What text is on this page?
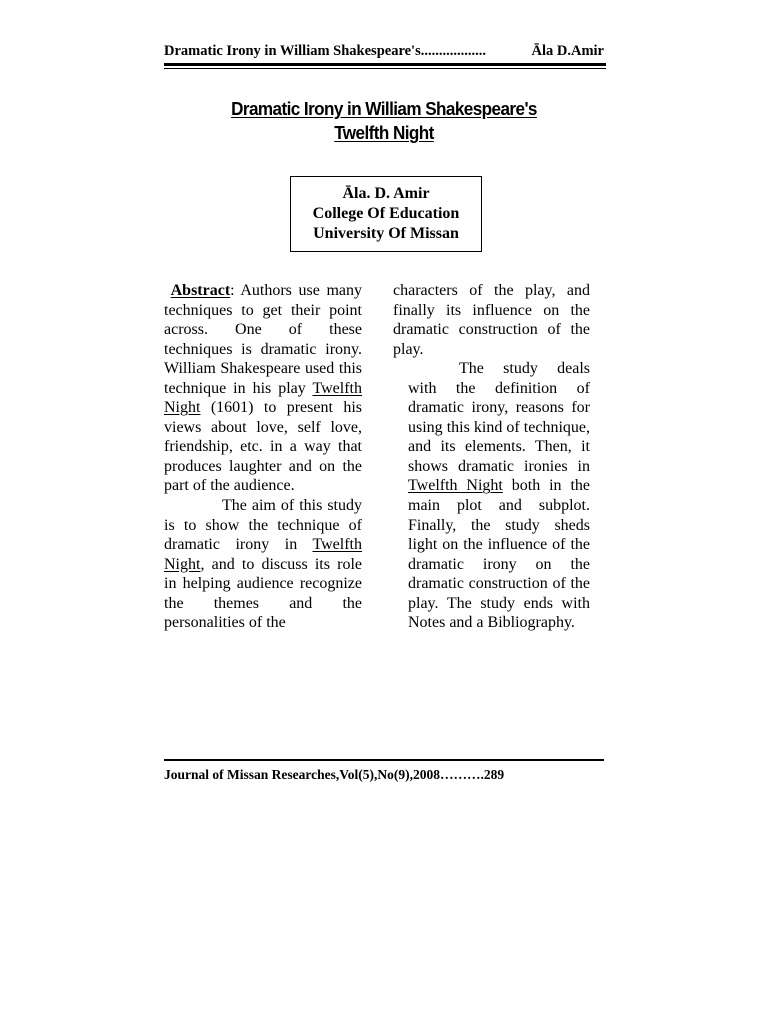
Dramatic Irony in William Shakespeare's..................	Āla D.Amir
Dramatic Irony in William Shakespeare's
Twelfth Night
Āla. D. Amir
College Of Education
University Of Missan

Abstract: Authors use many techniques to get their point across. One of these techniques is dramatic irony. William Shakespeare used this technique in his play Twelfth Night (1601) to present his views about love, self love, friendship, etc. in a way that produces laughter and on the part of the audience.

The aim of this study is to show the technique of dramatic irony in Twelfth Night, and to discuss its role in helping audience recognize the themes and the personalities of the

characters of the play, and finally its influence on the dramatic construction of the play.

The study deals with the definition of dramatic irony, reasons for using this kind of technique, and its elements. Then, it shows dramatic ironies in Twelfth Night both in the main plot and subplot. Finally, the study sheds light on the influence of the dramatic irony on the dramatic construction of the play. The study ends with Notes and a Bibliography.

Journal of Missan Researches,Vol(5),No(9),2008……….289
